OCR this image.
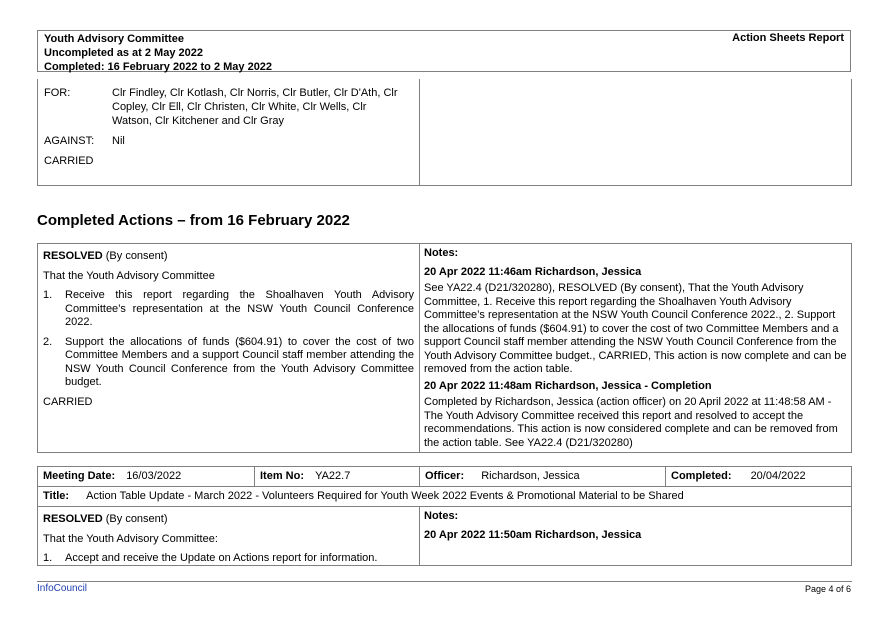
Youth Advisory Committee
Uncompleted as at 2 May 2022
Completed: 16 February 2022 to 2 May 2022
Action Sheets Report
FOR:	Clr Findley, Clr Kotlash, Clr Norris, Clr Butler, Clr D'Ath, Clr Copley, Clr Ell, Clr Christen, Clr White, Clr Wells, Clr Watson, Clr Kitchener and Clr Gray
AGAINST:	Nil
CARRIED
Completed Actions – from 16 February 2022

RESOLVED (By consent)

That the Youth Advisory Committee

1.	Receive this report regarding the Shoalhaven Youth Advisory Committee’s representation at the NSW Youth Council Conference 2022.
2.	Support the allocations of funds ($604.91) to cover the cost of two Committee Members and a support Council staff member attending the NSW Youth Council Conference from the Youth Advisory Committee budget.

CARRIED

Notes:

20 Apr 2022 11:46am Richardson, Jessica

See YA22.4 (D21/320280), RESOLVED (By consent), That the Youth Advisory Committee, 1. Receive this report regarding the Shoalhaven Youth Advisory Committee’s representation at the NSW Youth Council Conference 2022., 2. Support the allocations of funds ($604.91) to cover the cost of two Committee Members and a support Council staff member attending the NSW Youth Council Conference from the Youth Advisory Committee budget., CARRIED, This action is now complete and can be removed from the action table.

20 Apr 2022 11:48am Richardson, Jessica - Completion

Completed by Richardson, Jessica (action officer) on 20 April 2022 at 11:48:58 AM - The Youth Advisory Committee received this report and resolved to accept the recommendations. This action is now considered complete and can be removed from the action table. See YA22.4 (D21/320280)

Meeting Date: 16/03/2022	Item No: YA22.7	Officer: Richardson, Jessica	Completed: 20/04/2022
Title: Action Table Update - March 2022 - Volunteers Required for Youth Week 2022 Events & Promotional Material to be Shared

RESOLVED (By consent)

That the Youth Advisory Committee:

1.	Accept and receive the Update on Actions report for information.

Notes:

20 Apr 2022 11:50am Richardson, Jessica

InfoCouncil	Page 4 of 6
